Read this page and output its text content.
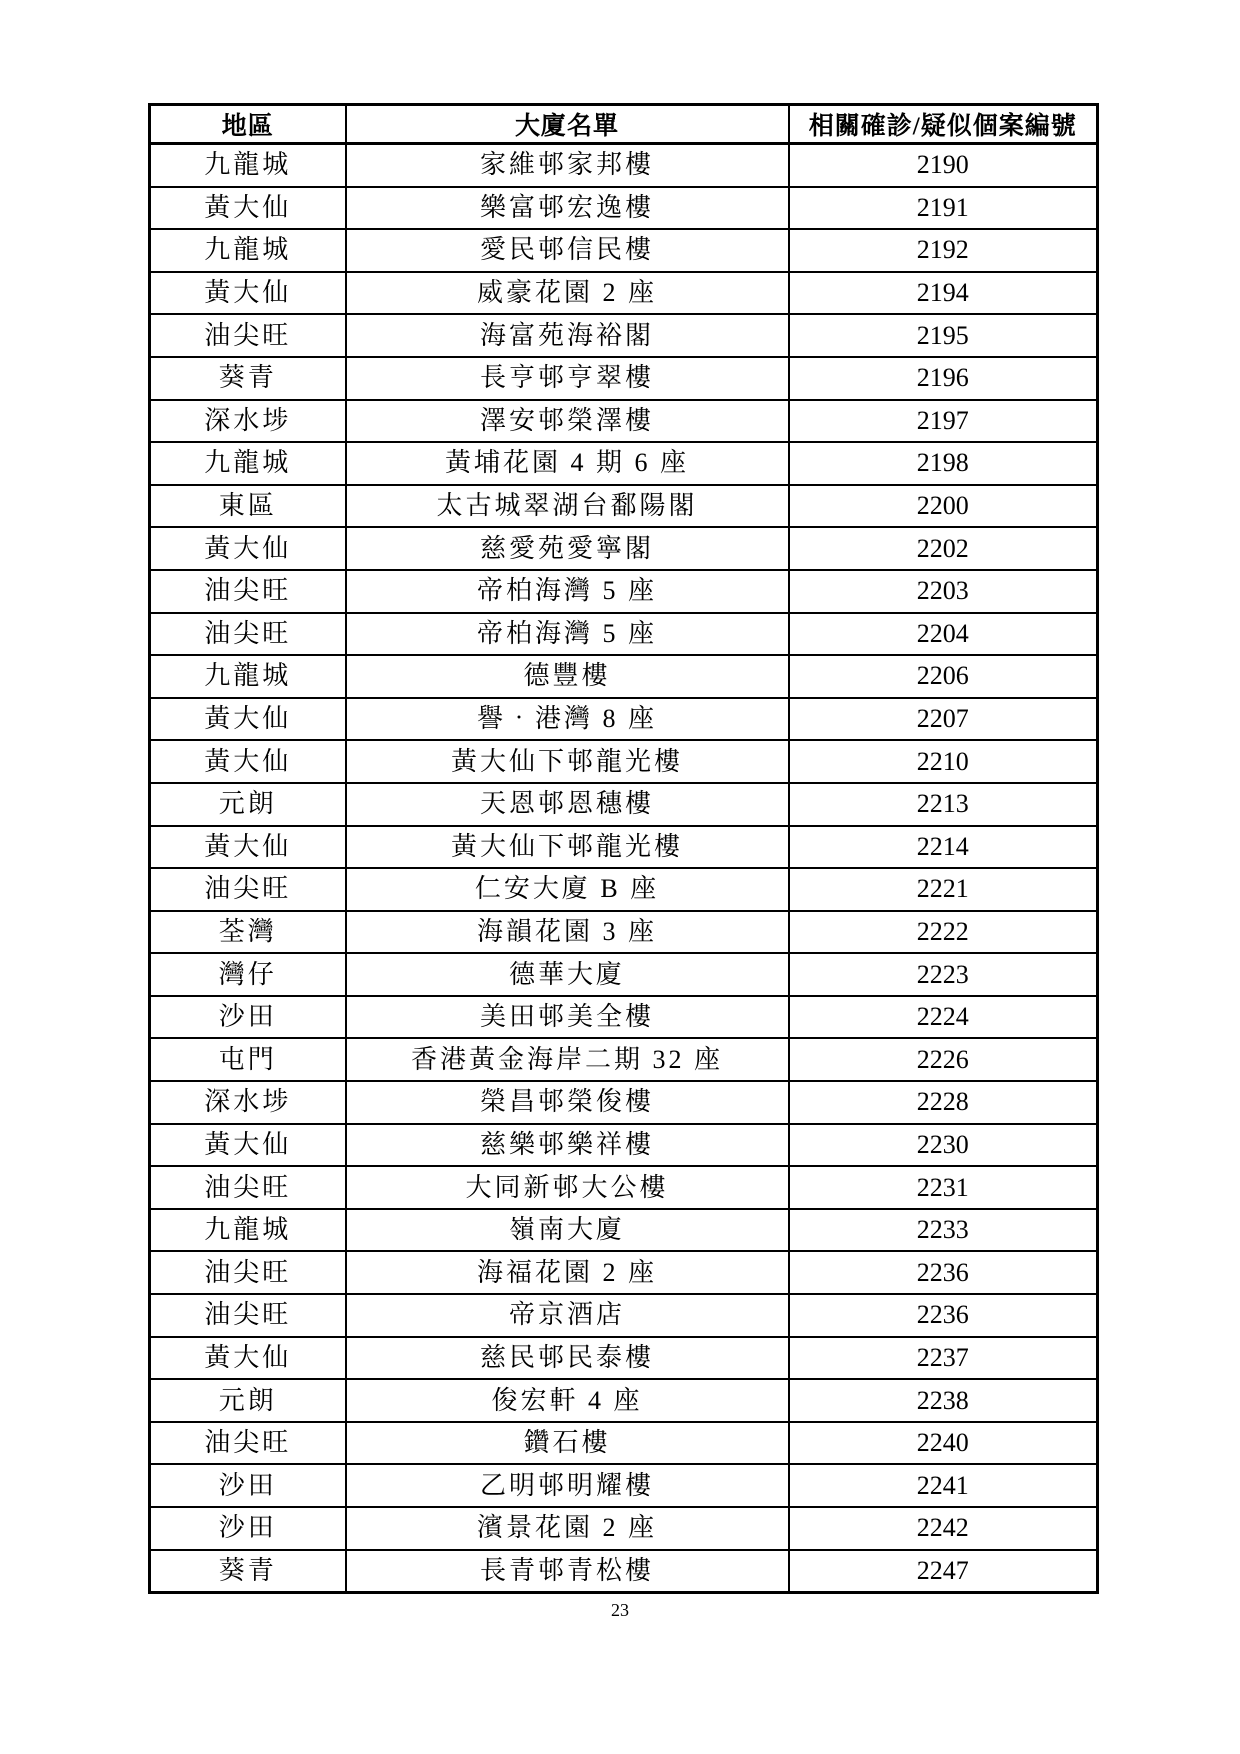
地區	大廈名單	相關確診/疑似個案編號
九龍城	家維邨家邦樓	2190
黃大仙	樂富邨宏逸樓	2191
九龍城	愛民邨信民樓	2192
黃大仙	威豪花園 2 座	2194
油尖旺	海富苑海裕閣	2195
葵青	長亨邨亨翠樓	2196
深水埗	澤安邨榮澤樓	2197
九龍城	黃埔花園 4 期 6 座	2198
東區	太古城翠湖台鄱陽閣	2200
黃大仙	慈愛苑愛寧閣	2202
油尖旺	帝柏海灣 5 座	2203
油尖旺	帝柏海灣 5 座	2204
九龍城	德豐樓	2206
黃大仙	譽‧港灣 8 座	2207
黃大仙	黃大仙下邨龍光樓	2210
元朗	天恩邨恩穗樓	2213
黃大仙	黃大仙下邨龍光樓	2214
油尖旺	仁安大廈 B 座	2221
荃灣	海韻花園 3 座	2222
灣仔	德華大廈	2223
沙田	美田邨美全樓	2224
屯門	香港黃金海岸二期 32 座	2226
深水埗	榮昌邨榮俊樓	2228
黃大仙	慈樂邨樂祥樓	2230
油尖旺	大同新邨大公樓	2231
九龍城	嶺南大廈	2233
油尖旺	海福花園 2 座	2236
油尖旺	帝京酒店	2236
黃大仙	慈民邨民泰樓	2237
元朗	俊宏軒 4 座	2238
油尖旺	鑽石樓	2240
沙田	乙明邨明耀樓	2241
沙田	濱景花園 2 座	2242
葵青	長青邨青松樓	2247
23
